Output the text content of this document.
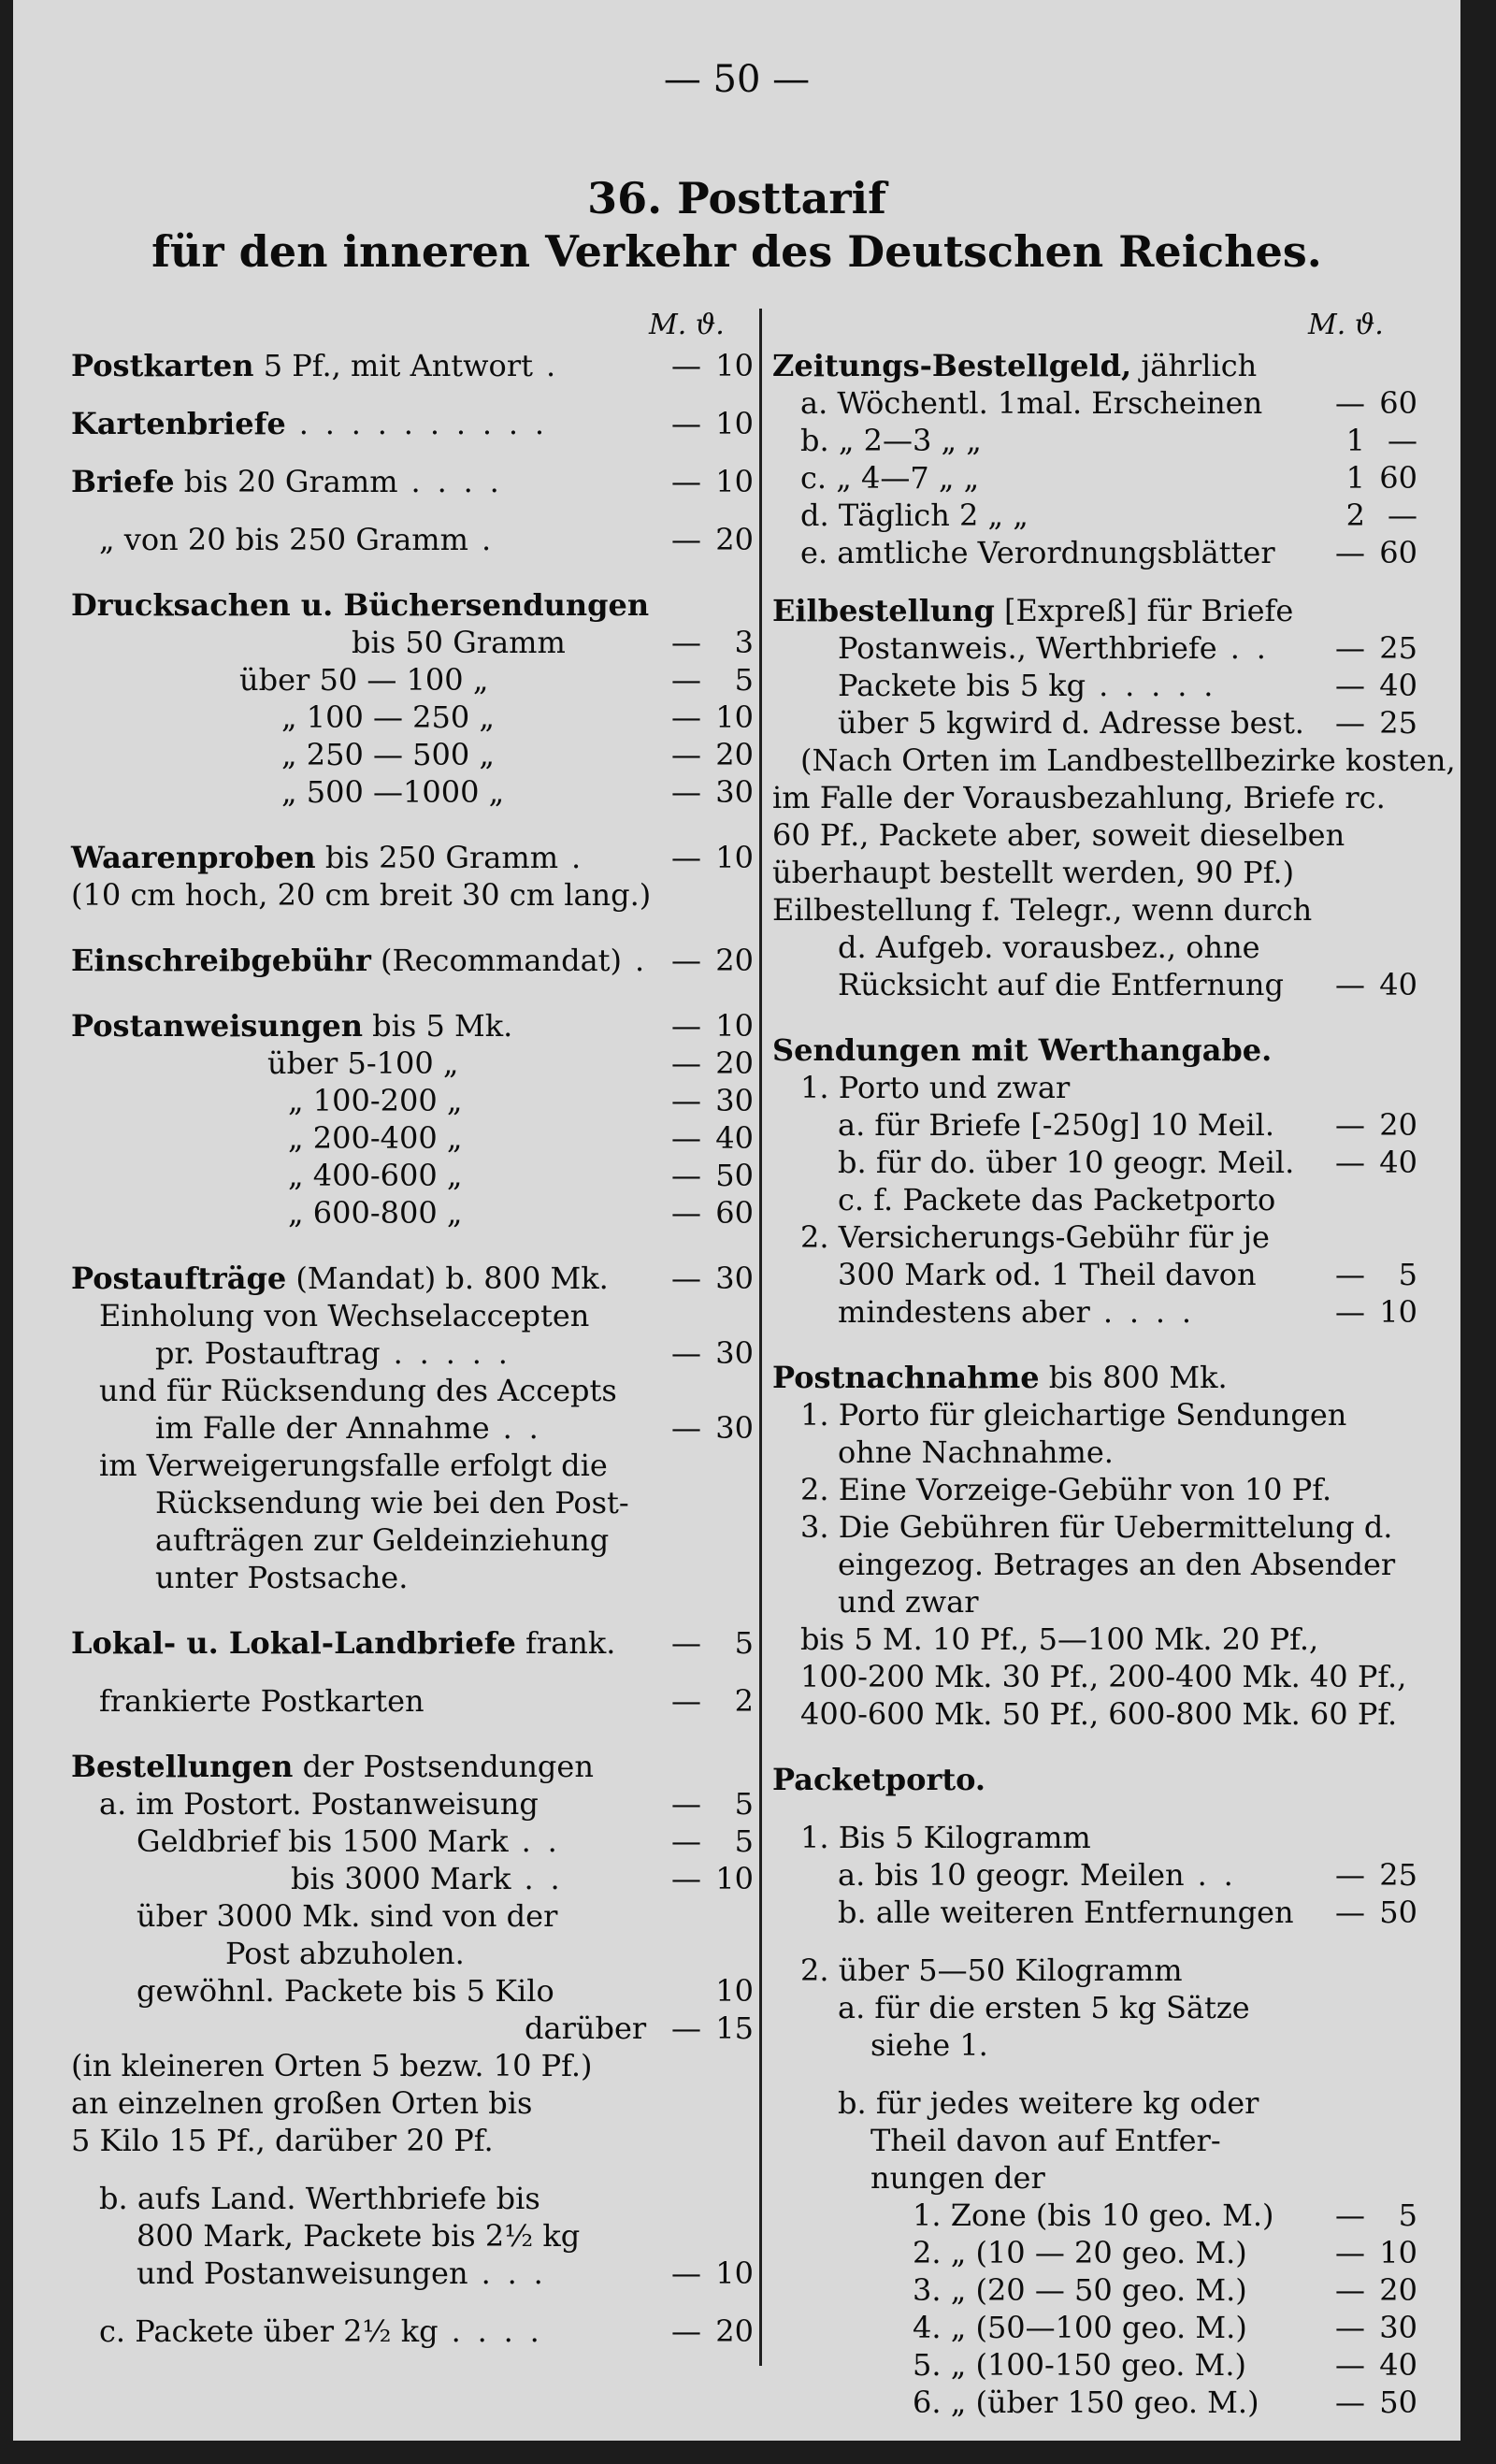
— 50 —
36. Posttarif
für den inneren Verkehr des Deutschen Reiches.
M. ϑ.	M. ϑ.
Postkarten 5 Pf., mit Antwort .	— 10
Kartenbriefe . . . . . . . . . .	— 10
Briefe bis 20 Gramm . . . .	— 10
„ von 20 bis 250 Gramm .	— 20
Drucksachen u. Büchersendungen
bis 50 Gramm	—	3
über 50 — 100 „	—	5
„ 100 — 250 „	— 10
„ 250 — 500 „	— 20
„ 500 —1000 „	— 30
Waarenproben bis 250 Gramm .	— 10
(10 cm hoch, 20 cm breit 30 cm lang.)
Einschreibgebühr (Recommandat) . — 20
Postanweisungen bis 5 Mk.	— 10
über 5-100 „	— 20
„ 100-200 „	— 30
„ 200-400 „	— 40
„ 400-600 „	— 50
„ 600-800 „	— 60
Postaufträge (Mandat) b. 800 Mk.	— 30
Einholung von Wechselaccepten
pr. Postauftrag . . . . .	— 30
und für Rücksendung des Accepts
im Falle der Annahme . .	— 30
im Verweigerungsfalle erfolgt die
Rücksendung wie bei den Post-
aufträgen zur Geldeinziehung
unter Postsache.
Lokal- u. Lokal-Landbriefe frank.	—	5
frankierte Postkarten	—	2
Bestellungen der Postsendungen
a. im Postort. Postanweisung	—	5
Geldbrief bis 1500 Mark . .	—	5
bis 3000 Mark . .	— 10
über 3000 Mk. sind von der
Post abzuholen.
gewöhnl. Packete bis 5 Kilo	10
darüber — 15
(in kleineren Orten 5 bezw. 10 Pf.)
an einzelnen großen Orten bis
5 Kilo 15 Pf., darüber 20 Pf.
b. aufs Land. Werthbriefe bis
800 Mark, Packete bis 2½ kg
und Postanweisungen . . .	— 10
c. Packete über 2½ kg . . . .	— 20
Zeitungs-Bestellgeld, jährlich
a. Wöchentl. 1mal. Erscheinen	— 60
b. „ 2—3 „ „	1 —
c. „ 4—7 „ „	1 60
d. Täglich 2 „ „	2 —
e. amtliche Verordnungsblätter	— 60
Eilbestellung [Expreß] für Briefe
Postanweis., Werthbriefe . .	— 25
Packete bis 5 kg . . . . .	— 40
über 5 kgwird d. Adresse best.	— 25
(Nach Orten im Landbestellbezirke kosten,
im Falle der Vorausbezahlung, Briefe rc.
60 Pf., Packete aber, soweit dieselben
überhaupt bestellt werden, 90 Pf.)
Eilbestellung f. Telegr., wenn durch
d. Aufgeb. vorausbez., ohne
Rücksicht auf die Entfernung	— 40
Sendungen mit Werthangabe.
1. Porto und zwar
a. für Briefe [-250g] 10 Meil.	— 20
b. für do. über 10 geogr. Meil.	— 40
c. f. Packete das Packetporto
2. Versicherungs-Gebühr für je
300 Mark od. 1 Theil davon	—	5
mindestens aber . . . .	— 10
Postnachnahme bis 800 Mk.
1. Porto für gleichartige Sendungen
ohne Nachnahme.
2. Eine Vorzeige-Gebühr von 10 Pf.
3. Die Gebühren für Uebermittelung d.
eingezog. Betrages an den Absender
und zwar
bis 5 M. 10 Pf., 5—100 Mk. 20 Pf.,
100-200 Mk. 30 Pf., 200-400 Mk. 40 Pf.,
400-600 Mk. 50 Pf., 600-800 Mk. 60 Pf.
Packetporto.
1. Bis 5 Kilogramm
a. bis 10 geogr. Meilen . .	— 25
b. alle weiteren Entfernungen	— 50
2. über 5—50 Kilogramm
a. für die ersten 5 kg Sätze
siehe 1.
b. für jedes weitere kg oder
Theil davon auf Entfer-
nungen der
1. Zone (bis 10 geo. M.)	—	5
2. „ (10 — 20 geo. M.)	— 10
3. „ (20 — 50 geo. M.)	— 20
4. „ (50—100 geo. M.)	— 30
5. „ (100-150 geo. M.)	— 40
6. „ (über 150 geo. M.)	— 50
